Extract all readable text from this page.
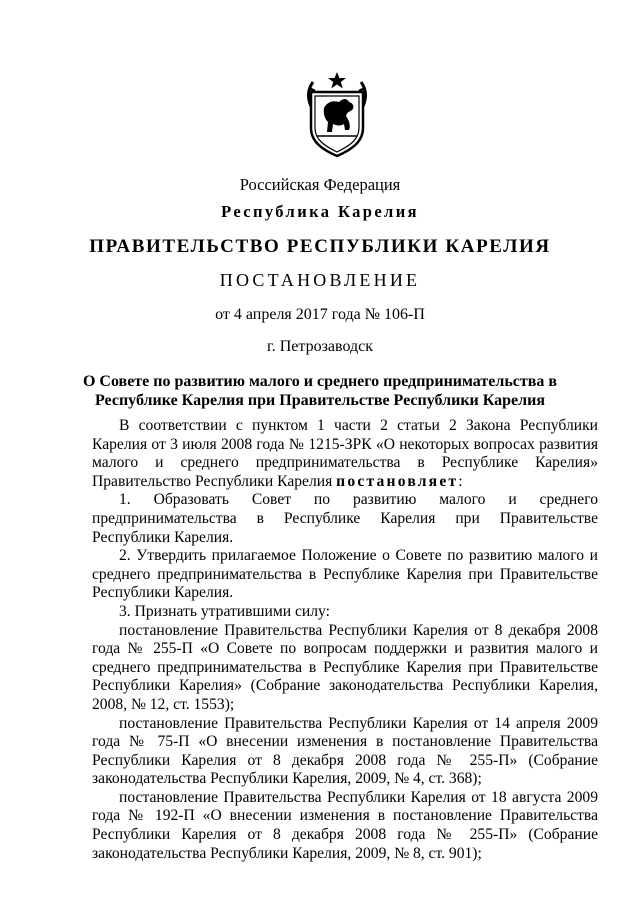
Российская Федерация
Республика Карелия
ПРАВИТЕЛЬСТВО РЕСПУБЛИКИ КАРЕЛИЯ
ПОСТАНОВЛЕНИЕ
от 4 апреля 2017 года № 106-П
г. Петрозаводск
О Совете по развитию малого и среднего предпринимательства в
Республике Карелия при Правительстве Республики Карелия

В соответствии с пунктом 1 части 2 статьи 2 Закона Республики Карелия от 3 июля 2008 года № 1215-ЗРК «О некоторых вопросах развития малого и среднего предпринимательства в Республике Карелия» Правительство Республики Карелия постановляет:

1. Образовать Совет по развитию малого и среднего предпринимательства в Республике Карелия при Правительстве Республики Карелия.

2. Утвердить прилагаемое Положение о Совете по развитию малого и среднего предпринимательства в Республике Карелия при Правительстве Республики Карелия.

3. Признать утратившими силу:

постановление Правительства Республики Карелия от 8 декабря 2008 года № 255-П «О Совете по вопросам поддержки и развития малого и среднего предпринимательства в Республике Карелия при Правительстве Республики Карелия» (Собрание законодательства Республики Карелия, 2008, № 12, ст. 1553);

постановление Правительства Республики Карелия от 14 апреля 2009 года № 75-П «О внесении изменения в постановление Правительства Республики Карелия от 8 декабря 2008 года № 255-П» (Собрание законодательства Республики Карелия, 2009, № 4, ст. 368);

постановление Правительства Республики Карелия от 18 августа 2009 года № 192-П «О внесении изменения в постановление Правительства Республики Карелия от 8 декабря 2008 года № 255-П» (Собрание законодательства Республики Карелия, 2009, № 8, ст. 901);
